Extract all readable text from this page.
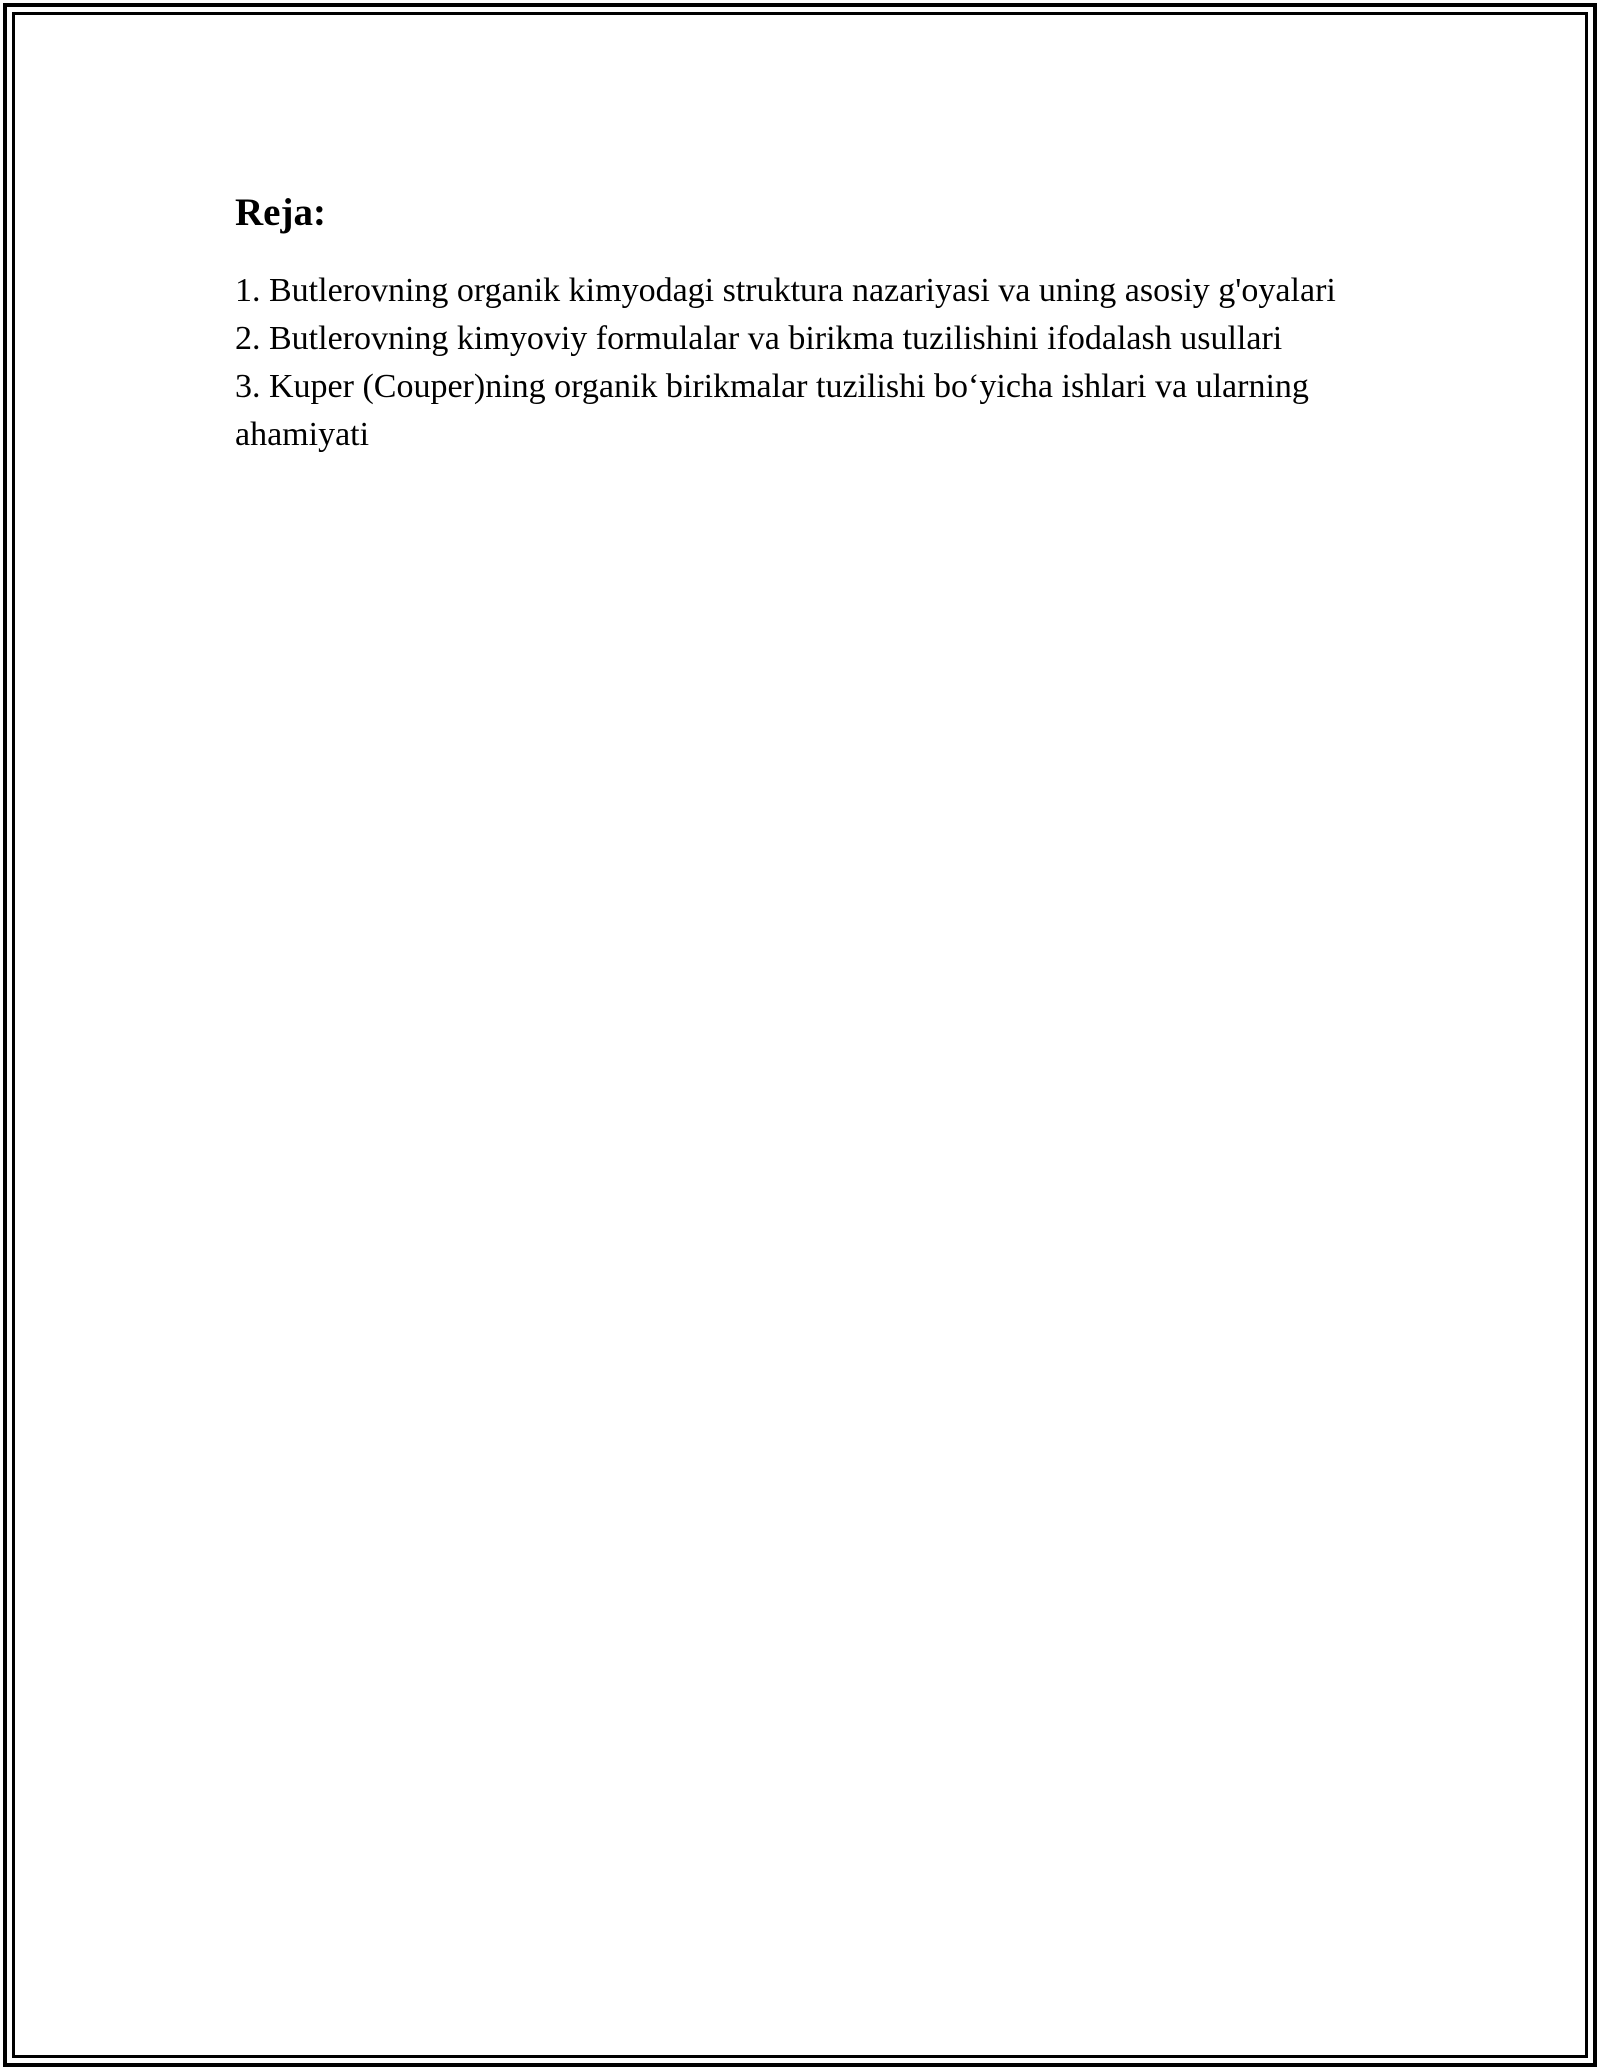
Reja:
1. Butlerovning organik kimyodagi struktura nazariyasi va uning asosiy g'oyalari
2. Butlerovning kimyoviy formulalar va birikma tuzilishini ifodalash usullari
3. Kuper (Couper)ning organik birikmalar tuzilishi bo‘yicha ishlari va ularning ahamiyati
